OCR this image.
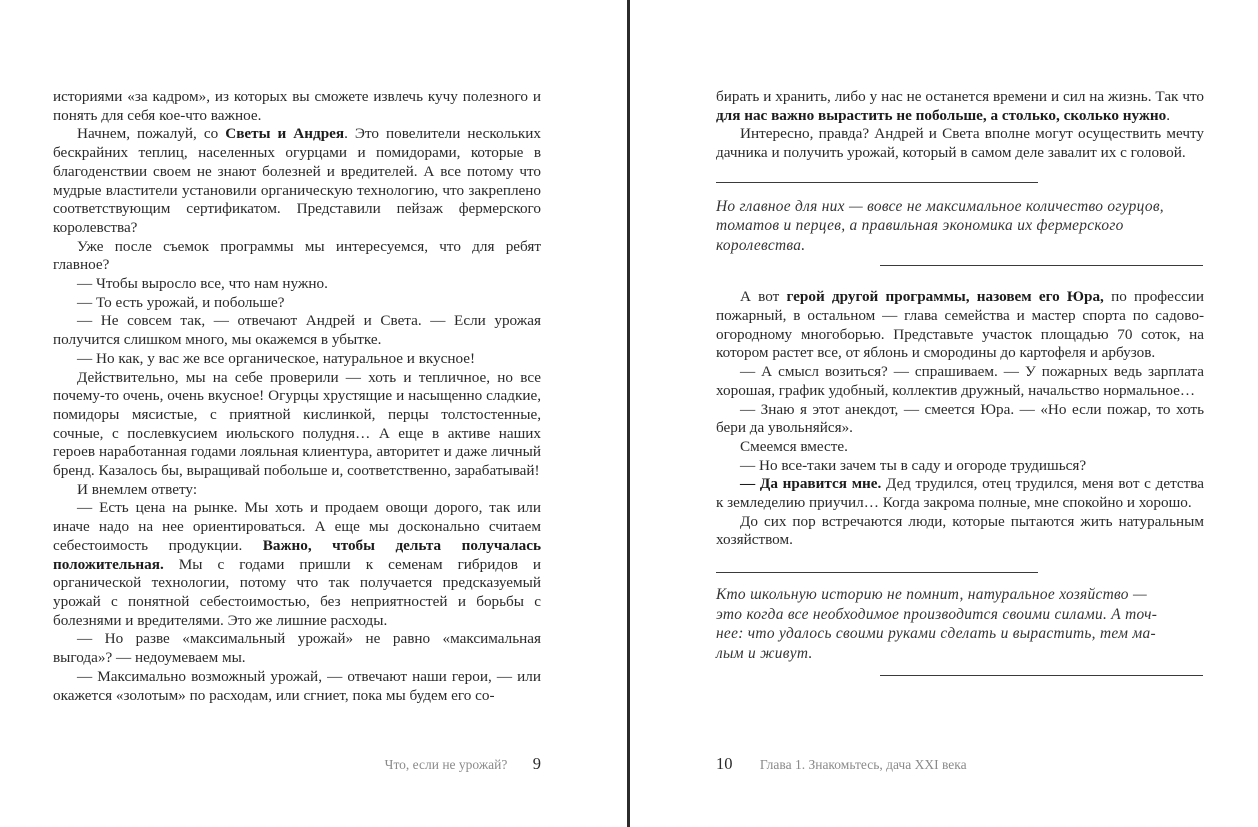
историями «за кадром», из которых вы сможете извлечь кучу полезного и понять для себя кое-что важное.

Начнем, пожалуй, со Светы и Андрея. Это повелители нескольких бескрайних теплиц, населенных огурцами и помидорами, которые в благоденствии своем не знают болезней и вредителей. А все потому что мудрые властители установили органическую технологию, что закреплено соответствующим сертификатом. Представили пейзаж фермерского королевства?

Уже после съемок программы мы интересуемся, что для ребят главное?

— Чтобы выросло все, что нам нужно.

— То есть урожай, и побольше?

— Не совсем так, — отвечают Андрей и Света. — Если урожая получится слишком много, мы окажемся в убытке.

— Но как, у вас же все органическое, натуральное и вкусное!

Действительно, мы на себе проверили — хоть и тепличное, но все почему-то очень, очень вкусное! Огурцы хрустящие и насыщенно сладкие, помидоры мясистые, с приятной кислинкой, перцы толстостенные, сочные, с послевкусием июльского полудня… А еще в активе наших героев наработанная годами лояльная клиентура, авторитет и даже личный бренд. Казалось бы, выращивай побольше и, соответственно, зарабатывай!

И внемлем ответу:

— Есть цена на рынке. Мы хоть и продаем овощи дорого, так или иначе надо на нее ориентироваться. А еще мы досконально считаем себестоимость продукции. Важно, чтобы дельта получалась положительная. Мы с годами пришли к семенам гибридов и органической технологии, потому что так получается предсказуемый урожай с понятной себестоимостью, без неприятностей и борьбы с болезнями и вредителями. Это же лишние расходы.

— Но разве «максимальный урожай» не равно «максимальная выгода»? — недоумеваем мы.

— Максимально возможный урожай, — отвечают наши герои, — или окажется «золотым» по расходам, или сгниет, пока мы будем его со-

Что, если не урожай? 9

бирать и хранить, либо у нас не останется времени и сил на жизнь. Так что для нас важно вырастить не побольше, а столько, сколько нужно.

Интересно, правда? Андрей и Света вполне могут осуществить мечту дачника и получить урожай, который в самом деле завалит их с головой.

Но главное для них — вовсе не максимальное количество огурцов,

томатов и перцев, а правильная экономика их фермерского

королевства.

А вот герой другой программы, назовем его Юра, по профессии пожарный, в остальном — глава семейства и мастер спорта по садово-огородному многоборью. Представьте участок площадью 70 соток, на котором растет все, от яблонь и смородины до картофеля и арбузов.

— А смысл возиться? — спрашиваем. — У пожарных ведь зарплата хорошая, график удобный, коллектив дружный, начальство нормальное…

— Знаю я этот анекдот, — смеется Юра. — «Но если пожар, то хоть бери да увольняйся».

Смеемся вместе.

— Но все-таки зачем ты в саду и огороде трудишься?

— Да нравится мне. Дед трудился, отец трудился, меня вот с детства к земледелию приучил… Когда закрома полные, мне спокойно и хорошо.

До сих пор встречаются люди, которые пытаются жить натуральным хозяйством.

Кто школьную историю не помнит, натуральное хозяйство —

это когда все необходимое производится своими силами. А точ-

нее: что удалось своими руками сделать и вырастить, тем ма-

лым и живут.

10 Глава 1. Знакомьтесь, дача XXI века
